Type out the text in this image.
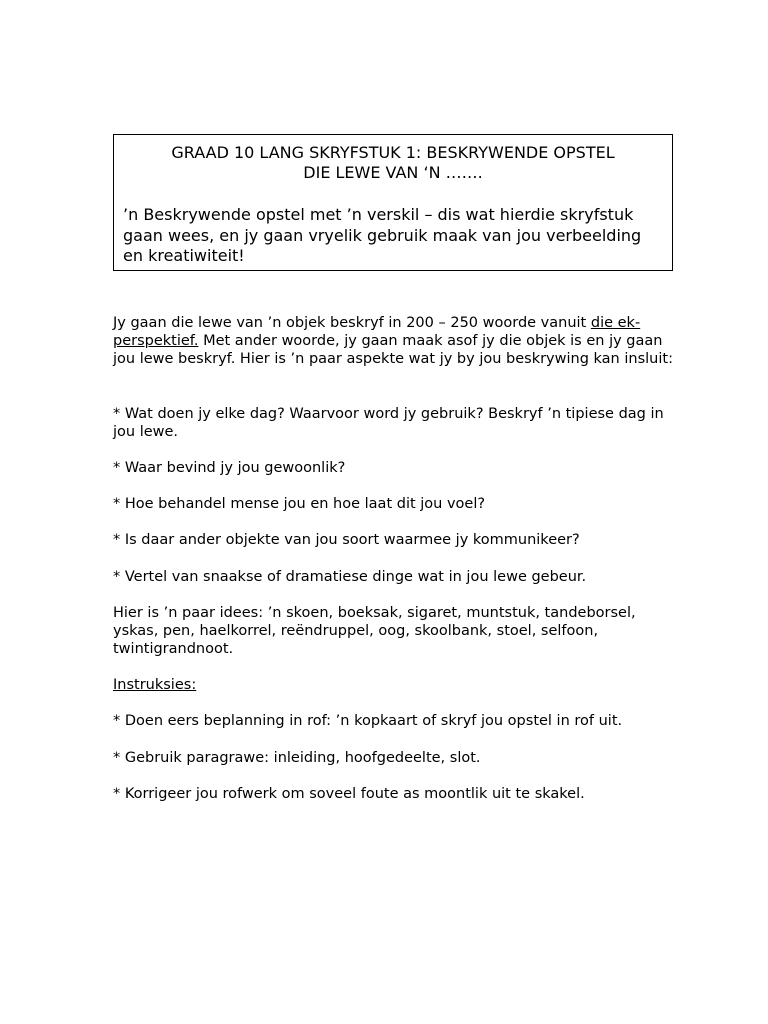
GRAAD 10 LANG SKRYFSTUK 1: BESKRYWENDE OPSTEL
DIE LEWE VAN ‘N …….
’n Beskrywende opstel met ’n verskil – dis wat hierdie skryfstuk gaan wees, en jy gaan vryelik gebruik maak van jou verbeelding en kreatiwiteit!
Jy gaan die lewe van ’n objek beskryf in 200 – 250 woorde vanuit die ek-perspektief. Met ander woorde, jy gaan maak asof jy die objek is en jy gaan jou lewe beskryf. Hier is ’n paar aspekte wat jy by jou beskrywing kan insluit:
* Wat doen jy elke dag? Waarvoor word jy gebruik? Beskryf ’n tipiese dag in jou lewe.
* Waar bevind jy jou gewoonlik?
* Hoe behandel mense jou en hoe laat dit jou voel?
* Is daar ander objekte van jou soort waarmee jy kommunikeer?
* Vertel van snaakse of dramatiese dinge wat in jou lewe gebeur.
Hier is ’n paar idees: ’n skoen, boeksak, sigaret, muntstuk, tandeborsel, yskas, pen, haelkorrel, reëndruppel, oog, skoolbank, stoel, selfoon, twintigrandnoot.
Instruksies:
* Doen eers beplanning in rof: ’n kopkaart of skryf jou opstel in rof uit.
* Gebruik paragrawe: inleiding, hoofgedeelte, slot.
* Korrigeer jou rofwerk om soveel foute as moontlik uit te skakel.
